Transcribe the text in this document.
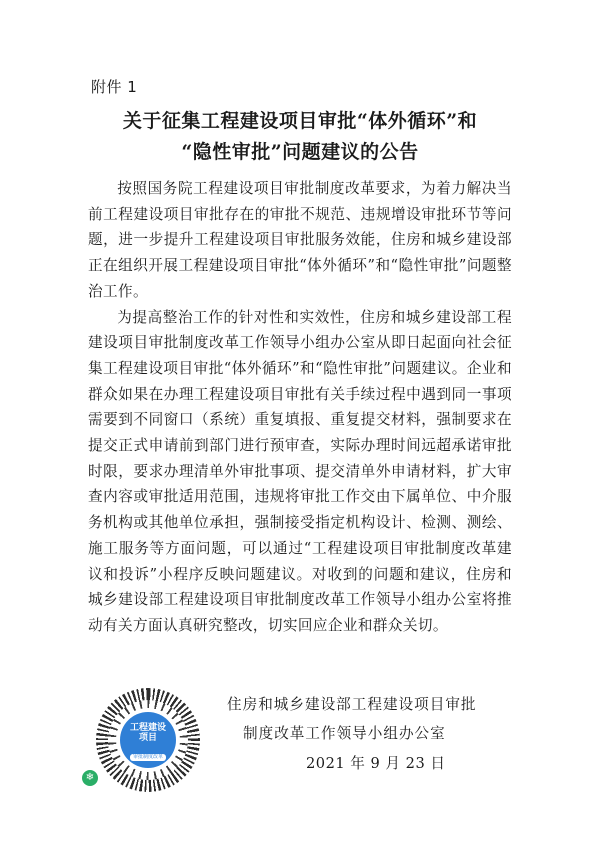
附件 1
关于征集工程建设项目审批“体外循环”和
“隐性审批”问题建议的公告

按照国务院工程建设项目审批制度改革要求，为着力解决当前工程建设项目审批存在的审批不规范、违规增设审批环节等问题，进一步提升工程建设项目审批服务效能，住房和城乡建设部正在组织开展工程建设项目审批“体外循环”和“隐性审批”问题整治工作。

为提高整治工作的针对性和实效性，住房和城乡建设部工程建设项目审批制度改革工作领导小组办公室从即日起面向社会征集工程建设项目审批“体外循环”和“隐性审批”问题建议。企业和群众如果在办理工程建设项目审批有关手续过程中遇到同一事项需要到不同窗口（系统）重复填报、重复提交材料，强制要求在提交正式申请前到部门进行预审查，实际办理时间远超承诺审批时限，要求办理清单外审批事项、提交清单外申请材料，扩大审查内容或审批适用范围，违规将审批工作交由下属单位、中介服务机构或其他单位承担，强制接受指定机构设计、检测、测绘、施工服务等方面问题，可以通过“工程建设项目审批制度改革建议和投诉”小程序反映问题建议。对收到的问题和建议，住房和城乡建设部工程建设项目审批制度改革工作领导小组办公室将推动有关方面认真研究整改，切实回应企业和群众关切。

工程建设
项目
审批制度改革
❄
住房和城乡建设部工程建设项目审批
制度改革工作领导小组办公室
2021 年 9 月 23 日
